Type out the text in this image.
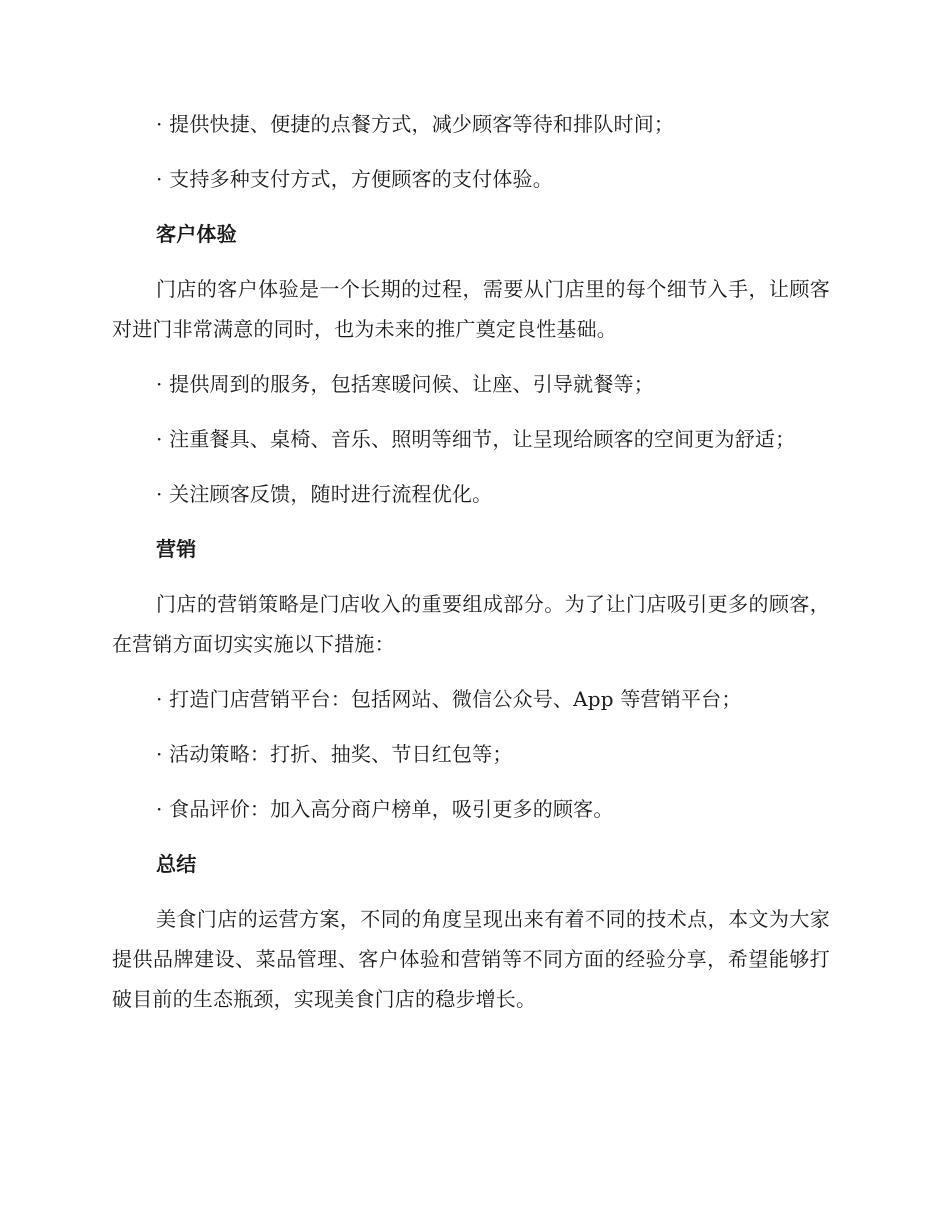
· 提供快捷、便捷的点餐方式，减少顾客等待和排队时间；

· 支持多种支付方式，方便顾客的支付体验。

客户体验

门店的客户体验是一个长期的过程，需要从门店里的每个细节入手，让顾客对进门非常满意的同时，也为未来的推广奠定良性基础。

· 提供周到的服务，包括寒暖问候、让座、引导就餐等；

· 注重餐具、桌椅、音乐、照明等细节，让呈现给顾客的空间更为舒适；

· 关注顾客反馈，随时进行流程优化。

营销

门店的营销策略是门店收入的重要组成部分。为了让门店吸引更多的顾客，在营销方面切实实施以下措施：

· 打造门店营销平台：包括网站、微信公众号、App 等营销平台；

· 活动策略：打折、抽奖、节日红包等；

· 食品评价：加入高分商户榜单，吸引更多的顾客。

总结

美食门店的运营方案，不同的角度呈现出来有着不同的技术点，本文为大家提供品牌建设、菜品管理、客户体验和营销等不同方面的经验分享，希望能够打破目前的生态瓶颈，实现美食门店的稳步增长。
